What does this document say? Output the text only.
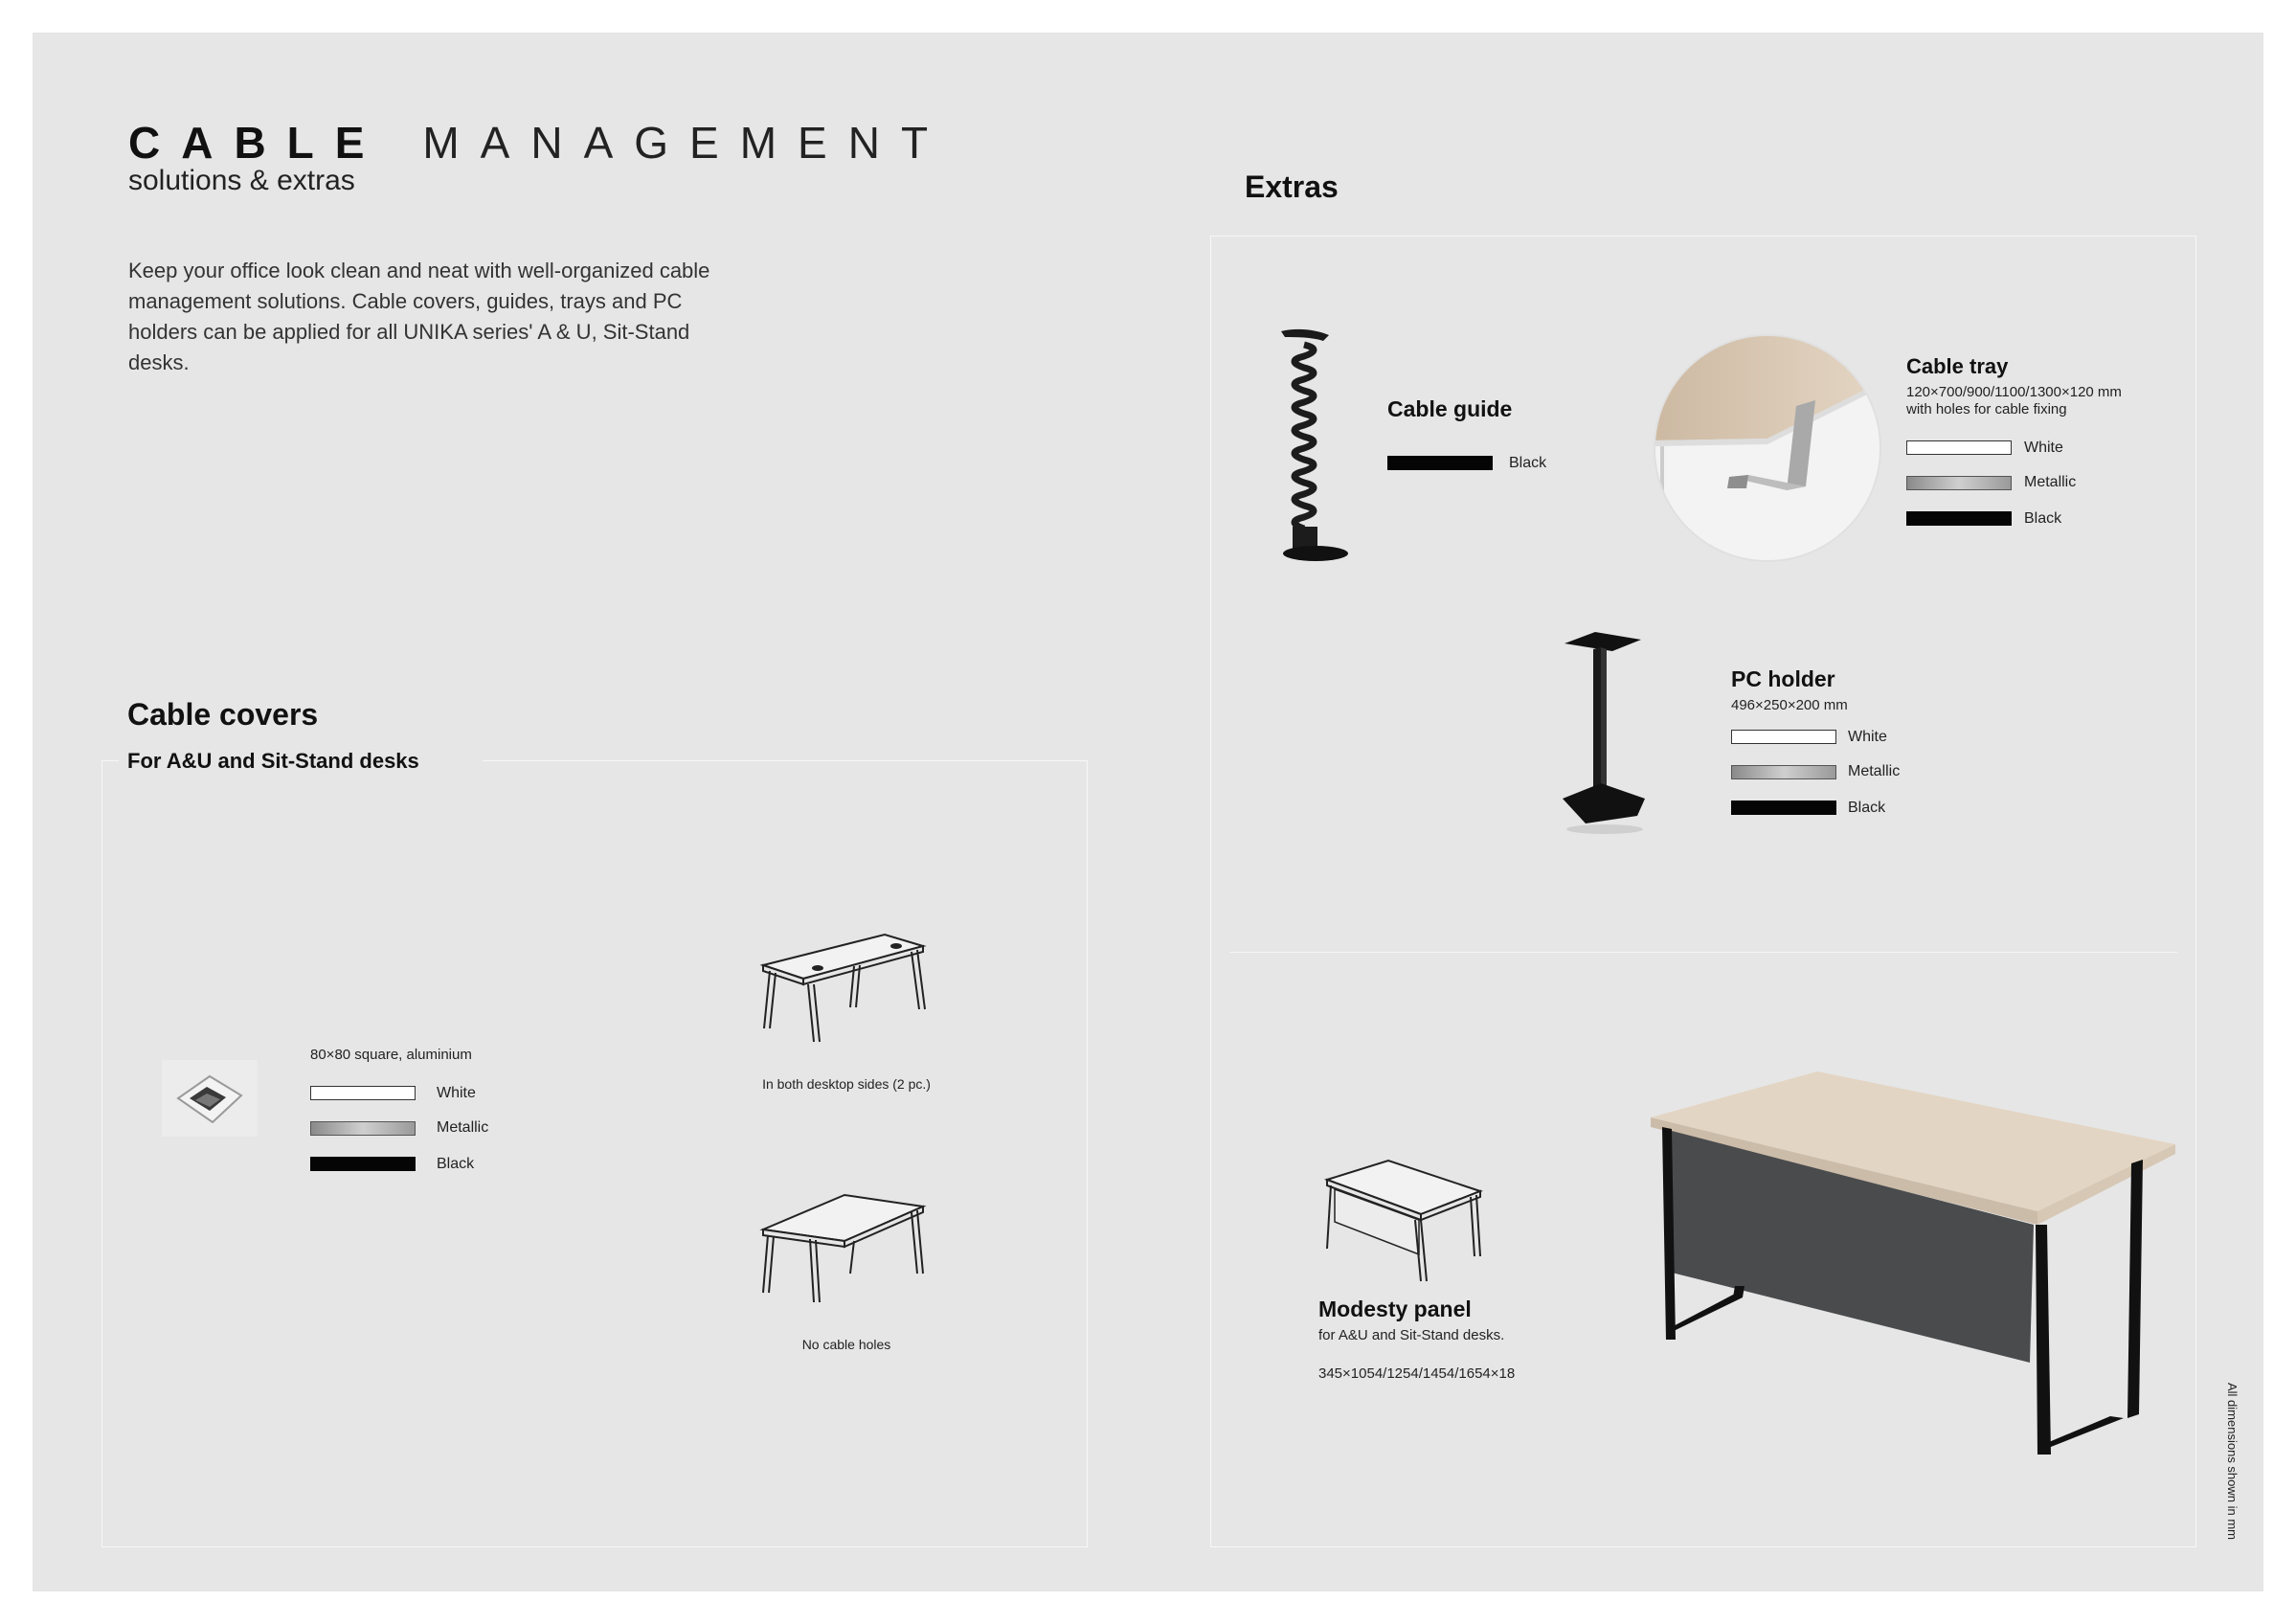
CABLE MANAGEMENT
solutions & extras
Keep your office look clean and neat with well-organized cable management solutions. Cable covers, guides, trays and PC holders can be applied for all UNIKA series' A & U, Sit-Stand desks.
Cable covers
For A&U and Sit-Stand desks
80×80 square, aluminium
White
Metallic
Black
In both desktop sides (2 pc.)
No cable holes
Extras
Cable guide
Black
Cable tray
120×700/900/1100/1300×120 mm
with holes for cable fixing
White
Metallic
Black
PC holder
496×250×200 mm
White
Metallic
Black
Modesty panel
for A&U and Sit-Stand desks.
345×1054/1254/1454/1654×18
All dimensions shown in mm
